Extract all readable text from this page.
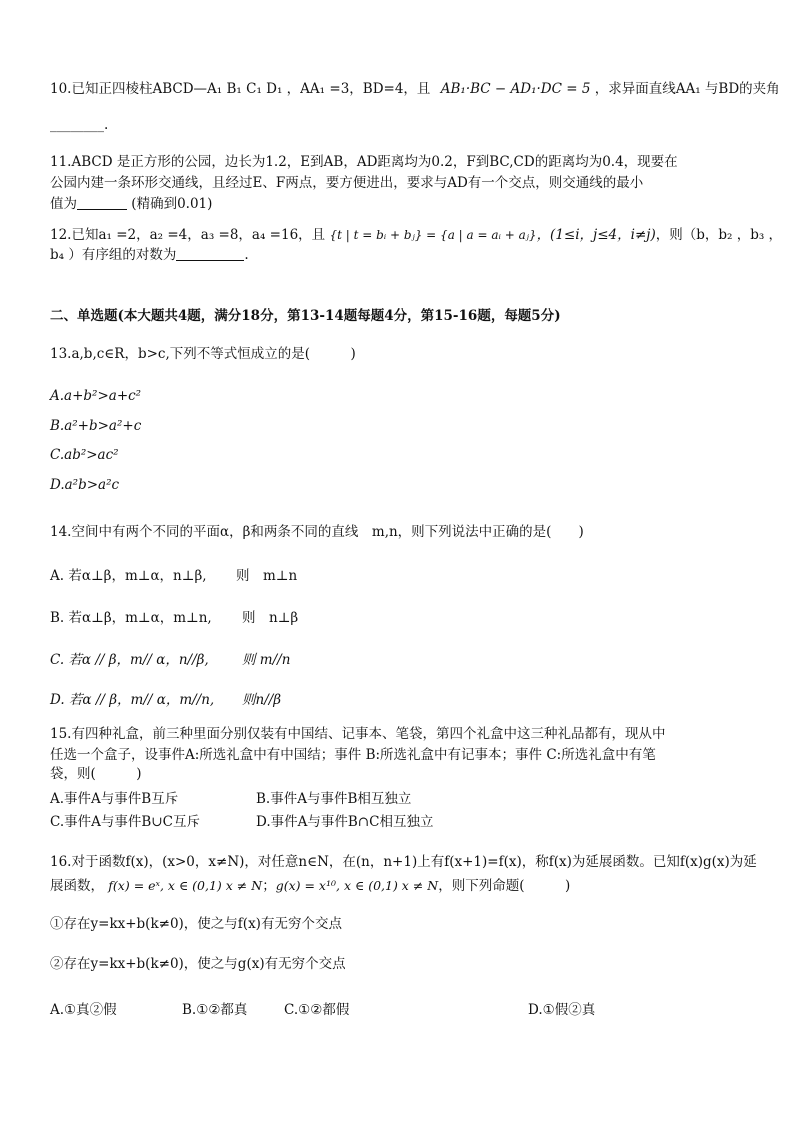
10.已知正四棱柱ABCD—A₁ B₁ C₁ D₁ ，AA₁ =3，BD=4，且 AB₁·BC − AD₁·DC = 5 ，求异面直线AA₁ 与BD的夹角
________.
11.ABCD 是正方形的公园，边长为1.2，E到AB，AD距离均为0.2，F到BC,CD的距离均为0.4，现要在
公园内建一条环形交通线，且经过E、F两点，要方便进出，要求与AD有一个交点，则交通线的最小
值为	(精确到0.01)
12.已知a₁ =2，a₂ =4，a₃ =8，a₄ =16，且 {t | t = bᵢ + bⱼ} = {a | a = aᵢ + aⱼ}，(1≤i，j≤4，i≠j)，则（b，b₂ ，b₃ ，
b₄ ）有序组的对数为	.
二、单选题(本大题共4题，满分18分，第13-14题每题4分，第15-16题，每题5分)
13.a,b,c∈R，b>c,下列不等式恒成立的是(　　　)
A.a+b²>a+c²
B.a²+b>a²+c
C.ab²>ac²
D.a²b>a²c
14.空间中有两个不同的平面α，β和两条不同的直线　m,n，则下列说法中正确的是(　　)
A. 若α⊥β，m⊥α，n⊥β, 则　m⊥n
B. 若α⊥β，m⊥α，m⊥n, 则　n⊥β
C. 若α // β，m// α，n//β, 则 m//n
D. 若α // β，m// α，m//n, 则n//β
15.有四种礼盒，前三种里面分别仅装有中国结、记事本、笔袋，第四个礼盒中这三种礼品都有，现从中
任选一个盒子，设事件A:所选礼盒中有中国结；事件 B:所选礼盒中有记事本；事件 C:所选礼盒中有笔
袋，则(　　　)
A.事件A与事件B互斥	B.事件A与事件B相互独立
C.事件A与事件B∪C互斥	D.事件A与事件B∩C相互独立
16.对于函数f(x)，(x>0，x≠N)，对任意n∈N，在(n，n+1)上有f(x+1)=f(x)，称f(x)为延展函数。已知f(x)g(x)为延
展函数， f(x) = eˣ, x ∈ (0,1) x ≠ N；g(x) = x¹⁰, x ∈ (0,1) x ≠ N，则下列命题(　　　)
①存在y=kx+b(k≠0)，使之与f(x)有无穷个交点
②存在y=kx+b(k≠0)，使之与g(x)有无穷个交点
A.①真②假	B.①②都真	C.①②都假	D.①假②真
